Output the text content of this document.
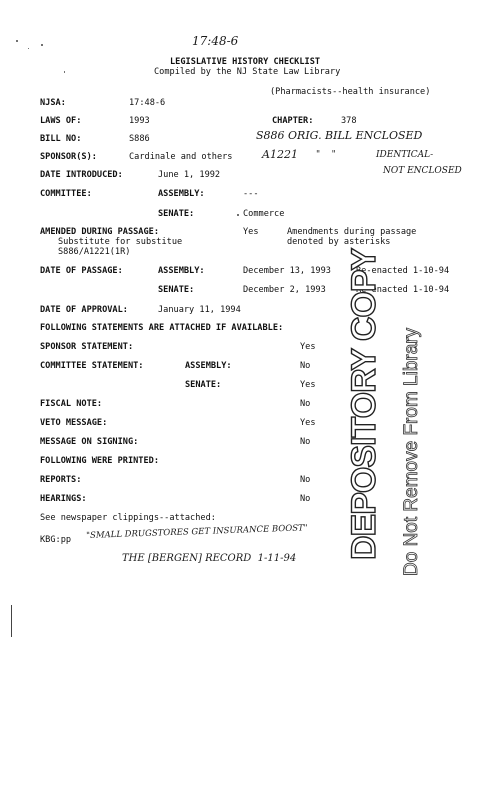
17:48-6
LEGISLATIVE HISTORY CHECKLIST
Compiled by the NJ State Law Library
(Pharmacists--health insurance)
NJSA:	17:48-6
LAWS OF:	1993	CHAPTER:	378
BILL NO:	S886	S886 ORIG. BILL ENCLOSED
A1221 "    "	IDENTICAL-
NOT ENCLOSED
SPONSOR(S):	Cardinale and others
DATE INTRODUCED:	June 1, 1992
COMMITTEE:	ASSEMBLY:	---
SENATE:	Commerce
AMENDED DURING PASSAGE:	Yes	Amendments during passage
denoted by asterisks
Substitute for substitue
S886/A1221(1R)
DATE OF PASSAGE:	ASSEMBLY:	December 13, 1993	Re-enacted 1-10-94
SENATE:	December 2, 1993	Re-enacted 1-10-94
DATE OF APPROVAL:	January 11, 1994
FOLLOWING STATEMENTS ARE ATTACHED IF AVAILABLE:
SPONSOR STATEMENT:	Yes
COMMITTEE STATEMENT:	ASSEMBLY:	No
SENATE:	Yes
FISCAL NOTE:	No
VETO MESSAGE:	Yes
MESSAGE ON SIGNING:	No
FOLLOWING WERE PRINTED:
REPORTS:	No
HEARINGS:	No
See newspaper clippings--attached:
KBG:pp "SMALL DRUGSTORES GET INSURANCE BOOST"
THE [BERGEN] RECORD  1-11-94 DEPOSITORY COPY Do Not Remove From Library
